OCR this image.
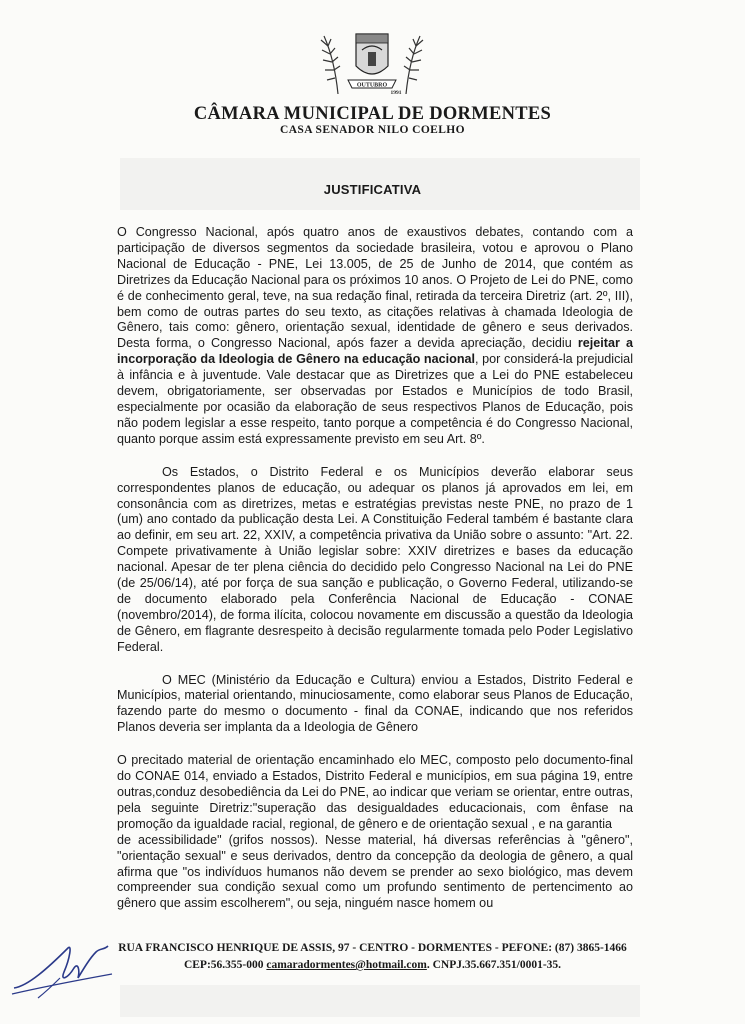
OUTUBRO
1991
CÂMARA MUNICIPAL DE DORMENTES
CASA SENADOR NILO COELHO
JUSTIFICATIVA

O Congresso Nacional, após quatro anos de exaustivos debates, contando com a participação de diversos segmentos da sociedade brasileira, votou e aprovou o Plano Nacional de Educação - PNE, Lei 13.005, de 25 de Junho de 2014, que contém as Diretrizes da Educação Nacional para os próximos 10 anos. O Projeto de Lei do PNE, como é de conhecimento geral, teve, na sua redação final, retirada da terceira Diretriz (art. 2º, III), bem como de outras partes do seu texto, as citações relativas à chamada Ideologia de Gênero, tais como: gênero, orientação sexual, identidade de gênero e seus derivados. Desta forma, o Congresso Nacional, após fazer a devida apreciação, decidiu rejeitar a incorporação da Ideologia de Gênero na educação nacional, por considerá-la prejudicial à infância e à juventude. Vale destacar que as Diretrizes que a Lei do PNE estabeleceu devem, obrigatoriamente, ser observadas por Estados e Municípios de todo Brasil, especialmente por ocasião da elaboração de seus respectivos Planos de Educação, pois não podem legislar a esse respeito, tanto porque a competência é do Congresso Nacional, quanto porque assim está expressamente previsto em seu Art. 8º.

Os Estados, o Distrito Federal e os Municípios deverão elaborar seus correspondentes planos de educação, ou adequar os planos já aprovados em lei, em consonância com as diretrizes, metas e estratégias previstas neste PNE, no prazo de 1 (um) ano contado da publicação desta Lei. A Constituição Federal também é bastante clara ao definir, em seu art. 22, XXIV, a competência privativa da União sobre o assunto: "Art. 22. Compete privativamente à União legislar sobre: XXIV diretrizes e bases da educação nacional. Apesar de ter plena ciência do decidido pelo Congresso Nacional na Lei do PNE (de 25/06/14), até por força de sua sanção e publicação, o Governo Federal, utilizando-se de documento elaborado pela Conferência Nacional de Educação - CONAE (novembro/2014), de forma ilícita, colocou novamente em discussão a questão da Ideologia de Gênero, em flagrante desrespeito à decisão regularmente tomada pelo Poder Legislativo Federal.

O MEC (Ministério da Educação e Cultura) enviou a Estados, Distrito Federal e Municípios, material orientando, minuciosamente, como elaborar seus Planos de Educação, fazendo parte do mesmo o documento - final da CONAE, indicando que nos referidos Planos deveria ser implanta da a Ideologia de Gênero

O precitado material de orientação encaminhado elo MEC, composto pelo documento-final do CONAE 014, enviado a Estados, Distrito Federal e municípios, em sua página 19, entre outras,conduz desobediência da Lei do PNE, ao indicar que veriam se orientar, entre outras, pela seguinte Diretriz:"superação das desigualdades educacionais, com ênfase na promoção da igualdade racial, regional, de gênero e de orientação sexual , e na garantia
de acessibilidade" (grifos nossos). Nesse material, há diversas referências à "gênero", "orientação sexual" e seus derivados, dentro da concepção da deologia de gênero, a qual afirma que "os indivíduos humanos não devem se prender ao sexo biológico, mas devem compreender sua condição sexual como um profundo sentimento de pertencimento ao gênero que assim escolherem", ou seja, ninguém nasce homem ou

RUA FRANCISCO HENRIQUE DE ASSIS, 97 - CENTRO - DORMENTES - PEFONE: (87) 3865-1466
CEP:56.355-000 camaradormentes@hotmail.com. CNPJ.35.667.351/0001-35.
